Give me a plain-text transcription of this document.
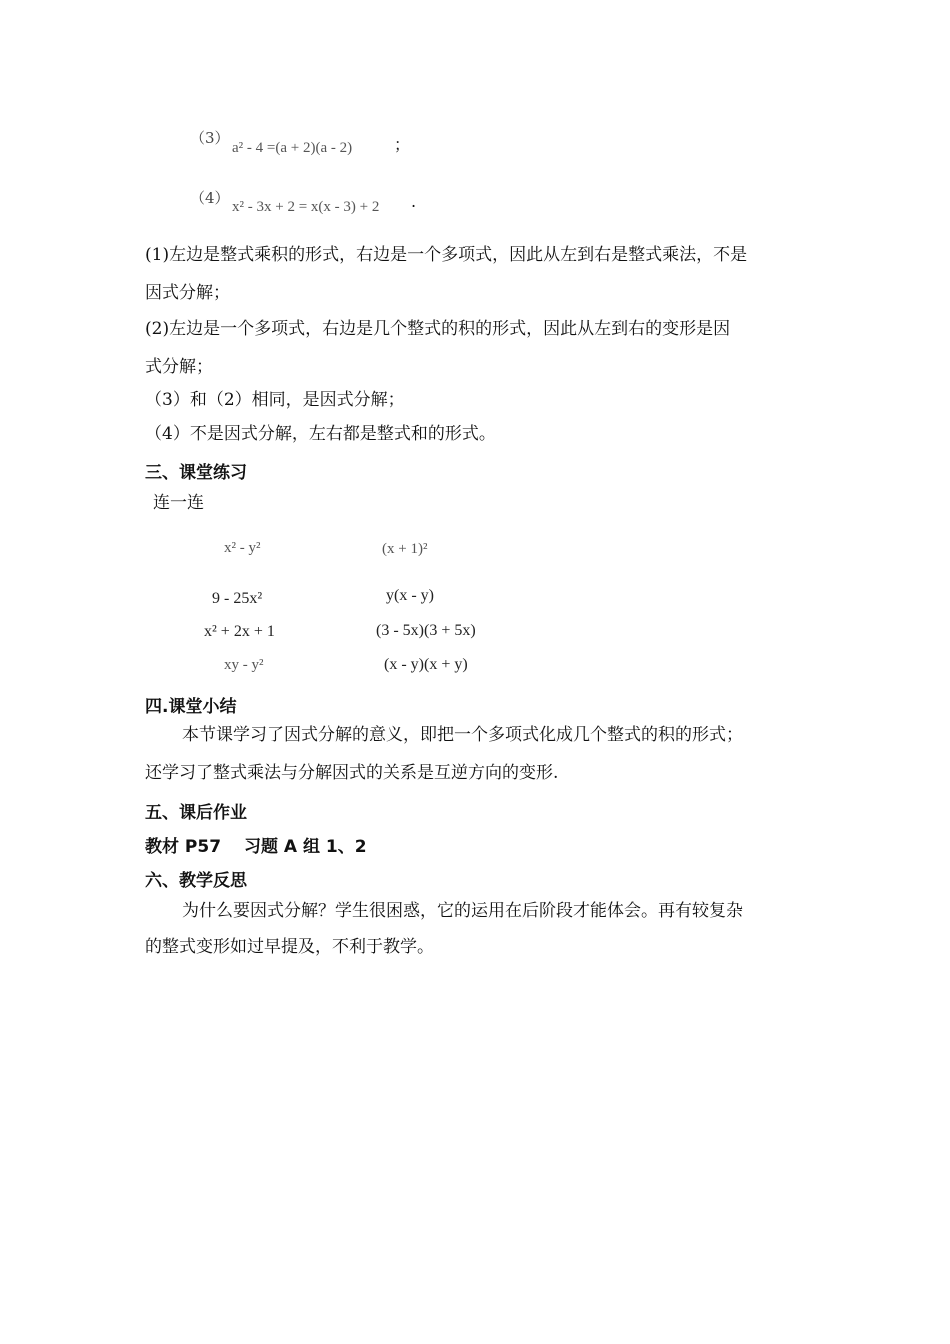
（3）
a² - 4 =(a + 2)(a - 2)	；
（4） x² - 3x + 2 = x(x - 3) + 2 .
(1)左边是整式乘积的形式，右边是一个多项式，因此从左到右是整式乘法，不是
因式分解；
(2)左边是一个多项式，右边是几个整式的积的形式，因此从左到右的变形是因
式分解；
（3）和（2）相同，是因式分解；
（4）不是因式分解，左右都是整式和的形式。
三、课堂练习
连一连
x² - y²
9 - 25x²
x² + 2x + 1
xy - y²
(x + 1)²
y(x - y)
(3 - 5x)(3 + 5x)
(x - y)(x + y)
四.课堂小结
本节课学习了因式分解的意义，即把一个多项式化成几个整式的积的形式；
还学习了整式乘法与分解因式的关系是互逆方向的变形.
五、课后作业
教材 P57　 习题 A 组 1、2
六、教学反思
为什么要因式分解？学生很困惑，它的运用在后阶段才能体会。再有较复杂
的整式变形如过早提及，不利于教学。
